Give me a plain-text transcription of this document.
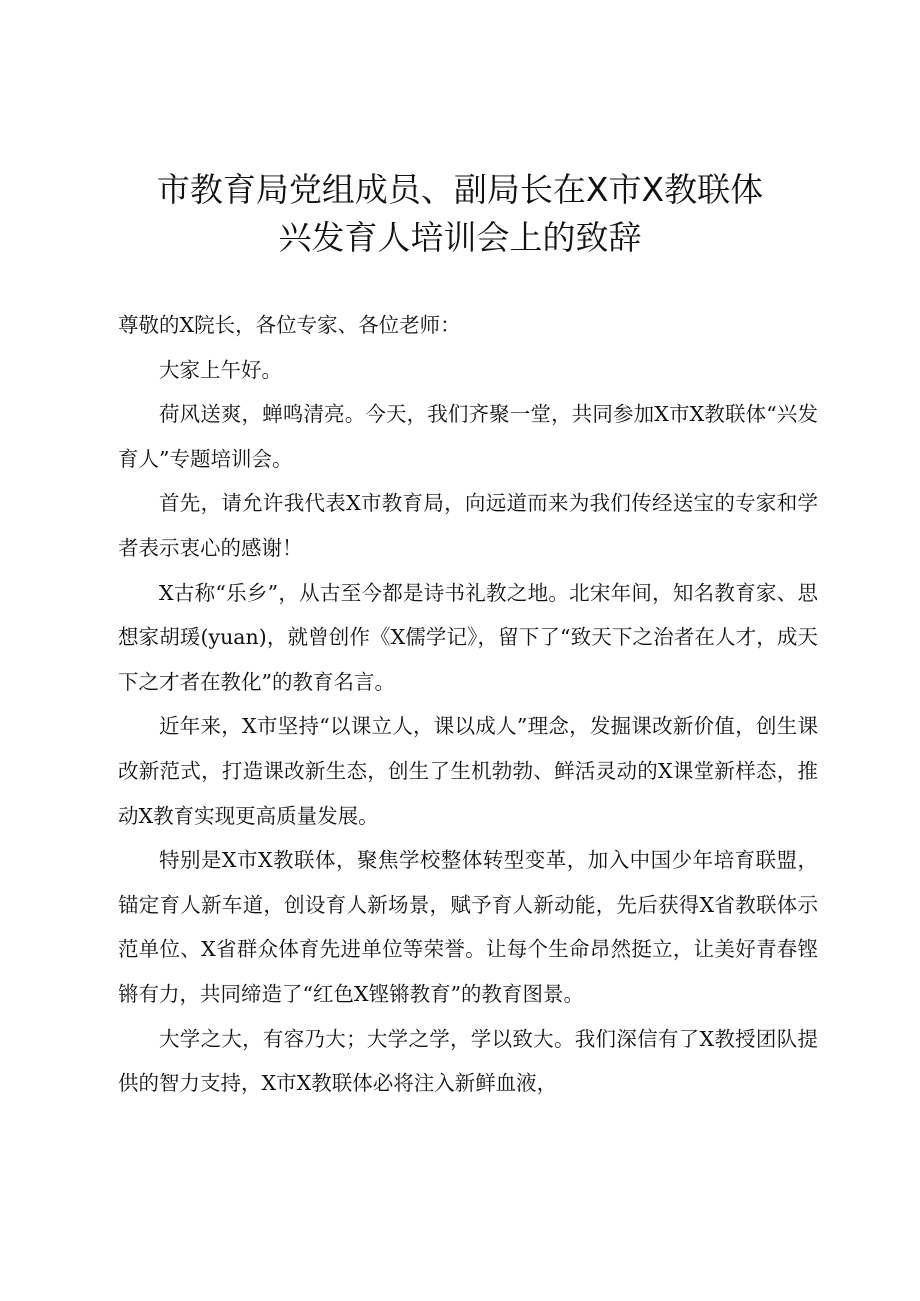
市教育局党组成员、副局长在X市X教联体
兴发育人培训会上的致辞

尊敬的X院长，各位专家、各位老师：

大家上午好。

荷风送爽，蝉鸣清亮。今天，我们齐聚一堂，共同参加X市X教联体“兴发育人”专题培训会。

首先，请允许我代表X市教育局，向远道而来为我们传经送宝的专家和学者表示衷心的感谢！

X古称“乐乡”，从古至今都是诗书礼教之地。北宋年间，知名教育家、思想家胡瑗(yuan)，就曾创作《X儒学记》，留下了“致天下之治者在人才，成天下之才者在教化”的教育名言。

近年来，X市坚持“以课立人，课以成人”理念，发掘课改新价值，创生课改新范式，打造课改新生态，创生了生机勃勃、鲜活灵动的X课堂新样态，推动X教育实现更高质量发展。

特别是X市X教联体，聚焦学校整体转型变革，加入中国少年培育联盟，锚定育人新车道，创设育人新场景，赋予育人新动能，先后获得X省教联体示范单位、X省群众体育先进单位等荣誉。让每个生命昂然挺立，让美好青春铿锵有力，共同缔造了“红色X铿锵教育”的教育图景。

大学之大，有容乃大；大学之学，学以致大。我们深信有了X教授团队提供的智力支持，X市X教联体必将注入新鲜血液，
